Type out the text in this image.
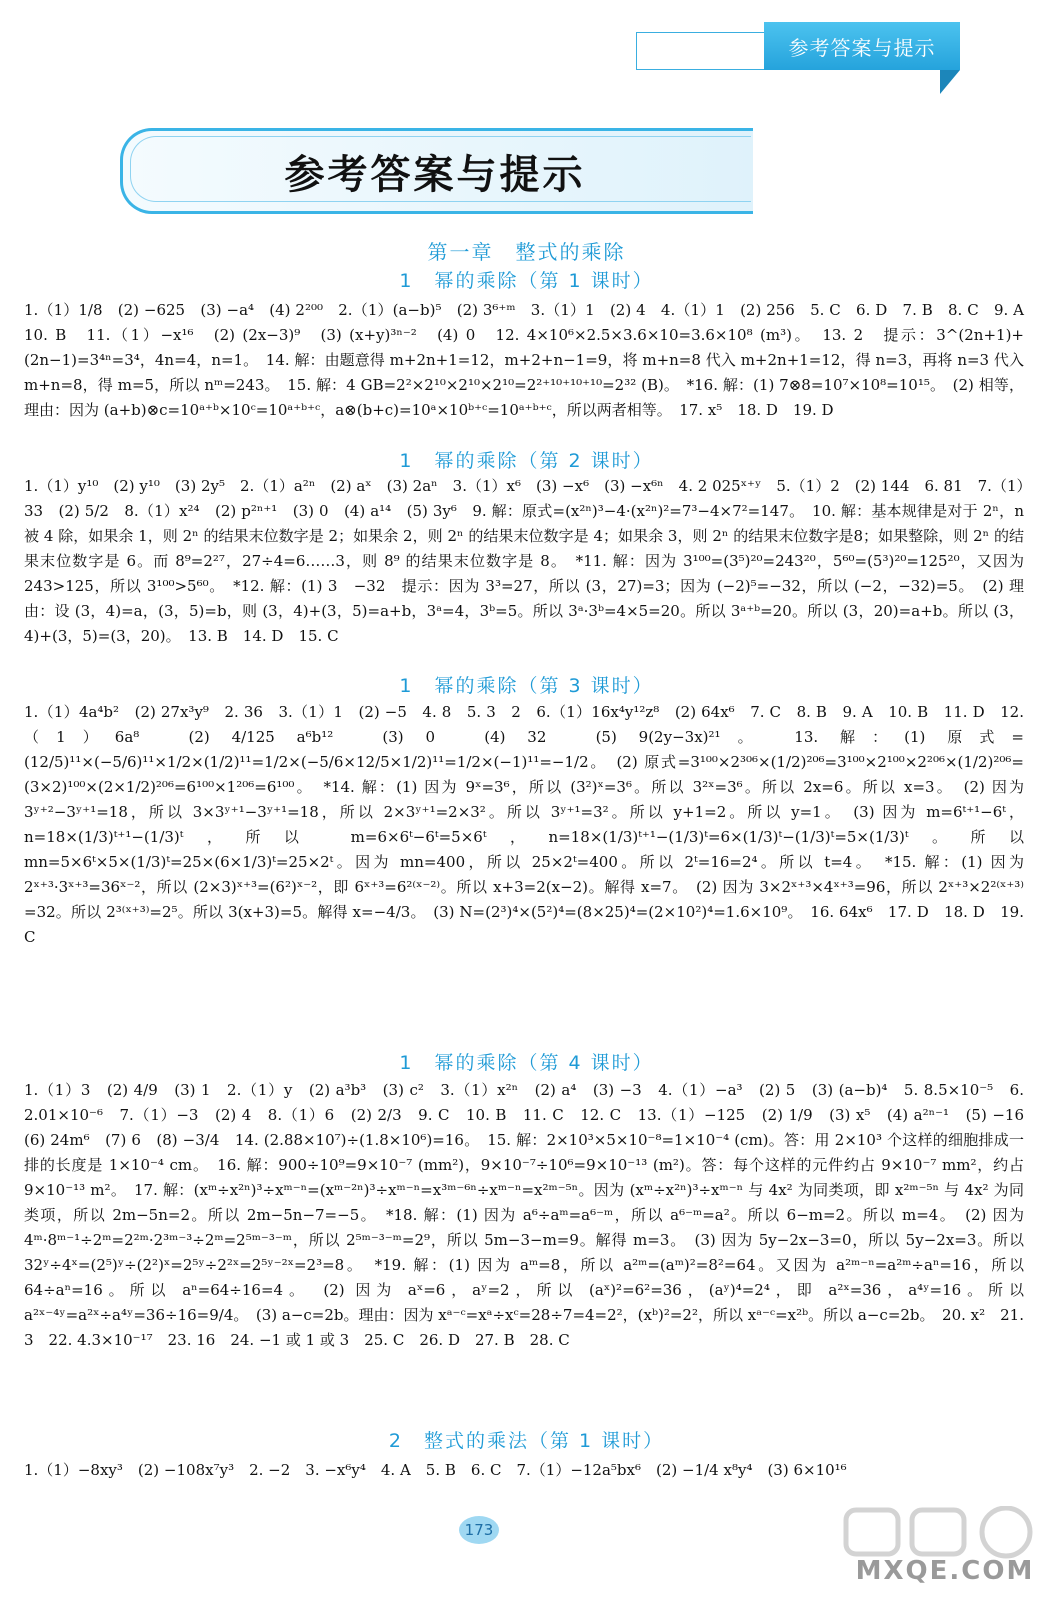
参考答案与提示
参考答案与提示
第一章　整式的乘除
1　幂的乘除（第 1 课时）
1.（1）1/8　(2) −625　(3) −a⁴　(4) 2²⁰⁰　2.（1）(a−b)⁵　(2) 3⁶⁺ᵐ　3.（1）1　(2) 4　4.（1）1　(2) 256　5. C　6. D　7. B　8. C　9. A　10. B　11.（1）−x¹⁶　(2) (2x−3)⁹　(3) (x+y)³ⁿ⁻²　(4) 0　12. 4×10⁶×2.5×3.6×10=3.6×10⁸ (m³)。　13. 2　提示：3^(2n+1)+(2n−1)=3⁴ⁿ=3⁴，4n=4，n=1。　14. 解：由题意得 m+2n+1=12，m+2+n−1=9，将 m+n=8 代入 m+2n+1=12，得 n=3，再将 n=3 代入 m+n=8，得 m=5，所以 nᵐ=243。　15. 解：4 GB=2²×2¹⁰×2¹⁰×2¹⁰=2²⁺¹⁰⁺¹⁰⁺¹⁰=2³² (B)。　*16. 解：(1) 7⊗8=10⁷×10⁸=10¹⁵。　(2) 相等，理由：因为 (a+b)⊗c=10ᵃ⁺ᵇ×10ᶜ=10ᵃ⁺ᵇ⁺ᶜ，a⊗(b+c)=10ᵃ×10ᵇ⁺ᶜ=10ᵃ⁺ᵇ⁺ᶜ，所以两者相等。　17. x⁵　18. D　19. D
1　幂的乘除（第 2 课时）
1.（1）y¹⁰　(2) y¹⁰　(3) 2y⁵　2.（1）a²ⁿ　(2) aˣ　(3) 2aⁿ　3.（1）x⁶　(3) −x⁶　(3) −x⁶ⁿ　4. 2 025ˣ⁺ʸ　5.（1）2　(2) 144　6. 81　7.（1）33　(2) 5/2　8.（1）x²⁴　(2) p²ⁿ⁺¹　(3) 0　(4) a¹⁴　(5) 3y⁶　9. 解：原式=(x²ⁿ)³−4·(x²ⁿ)²=7³−4×7²=147。　10. 解：基本规律是对于 2ⁿ，n 被 4 除，如果余 1，则 2ⁿ 的结果末位数字是 2；如果余 2，则 2ⁿ 的结果末位数字是 4；如果余 3，则 2ⁿ 的结果末位数字是8；如果整除，则 2ⁿ 的结果末位数字是 6。而 8⁹=2²⁷，27÷4=6……3，则 8⁹ 的结果末位数字是 8。　*11. 解：因为 3¹⁰⁰=(3⁵)²⁰=243²⁰，5⁶⁰=(5³)²⁰=125²⁰，又因为 243>125，所以 3¹⁰⁰>5⁶⁰。　*12. 解：(1) 3　−32　提示：因为 3³=27，所以 (3，27)=3；因为 (−2)⁵=−32，所以 (−2，−32)=5。　(2) 理由：设 (3，4)=a，(3，5)=b，则 (3，4)+(3，5)=a+b，3ᵃ=4，3ᵇ=5。所以 3ᵃ·3ᵇ=4×5=20。所以 3ᵃ⁺ᵇ=20。所以 (3，20)=a+b。所以 (3，4)+(3，5)=(3，20)。　13. B　14. D　15. C
1　幂的乘除（第 3 课时）
1.（1）4a⁴b²　(2) 27x³y⁹　2. 36　3.（1）1　(2) −5　4. 8　5. 3　2　6.（1）16x⁴y¹²z⁸　(2) 64x⁶　7. C　8. B　9. A　10. B　11. D　12.（1）6a⁸　(2) 4/125 a⁶b¹²　(3) 0　(4) 32　(5) 9(2y−3x)²¹。　13. 解：(1) 原式=(12/5)¹¹×(−5/6)¹¹×1/2×(1/2)¹¹=1/2×(−5/6×12/5×1/2)¹¹=1/2×(−1)¹¹=−1/2。　(2) 原式=3¹⁰⁰×2³⁰⁶×(1/2)²⁰⁶=3¹⁰⁰×2¹⁰⁰×2²⁰⁶×(1/2)²⁰⁶=(3×2)¹⁰⁰×(2×1/2)²⁰⁶=6¹⁰⁰×1²⁰⁶=6¹⁰⁰。　*14. 解：(1) 因为 9ˣ=3⁶，所以 (3²)ˣ=3⁶。所以 3²ˣ=3⁶。所以 2x=6。所以 x=3。　(2) 因为 3ʸ⁺²−3ʸ⁺¹=18，所以 3×3ʸ⁺¹−3ʸ⁺¹=18，所以 2×3ʸ⁺¹=2×3²。所以 3ʸ⁺¹=3²。所以 y+1=2。所以 y=1。　(3) 因为 m=6ᵗ⁺¹−6ᵗ，n=18×(1/3)ᵗ⁺¹−(1/3)ᵗ，所以 m=6×6ᵗ−6ᵗ=5×6ᵗ，n=18×(1/3)ᵗ⁺¹−(1/3)ᵗ=6×(1/3)ᵗ−(1/3)ᵗ=5×(1/3)ᵗ。所以 mn=5×6ᵗ×5×(1/3)ᵗ=25×(6×1/3)ᵗ=25×2ᵗ。因为 mn=400，所以 25×2ᵗ=400。所以 2ᵗ=16=2⁴。所以 t=4。　*15. 解：(1) 因为 2ˣ⁺³·3ˣ⁺³=36ˣ⁻²，所以 (2×3)ˣ⁺³=(6²)ˣ⁻²，即 6ˣ⁺³=6²⁽ˣ⁻²⁾。所以 x+3=2(x−2)。解得 x=7。　(2) 因为 3×2ˣ⁺³×4ˣ⁺³=96，所以 2ˣ⁺³×2²⁽ˣ⁺³⁾=32。所以 2³⁽ˣ⁺³⁾=2⁵。所以 3(x+3)=5。解得 x=−4/3。　(3) N=(2³)⁴×(5²)⁴=(8×25)⁴=(2×10²)⁴=1.6×10⁹。　16. 64x⁶　17. D　18. D　19. C
1　幂的乘除（第 4 课时）
1.（1）3　(2) 4/9　(3) 1　2.（1）y　(2) a³b³　(3) c²　3.（1）x²ⁿ　(2) a⁴　(3) −3　4.（1）−a³　(2) 5　(3) (a−b)⁴　5. 8.5×10⁻⁵　6. 2.01×10⁻⁶　7.（1）−3　(2) 4　8.（1）6　(2) 2/3　9. C　10. B　11. C　12. C　13.（1）−125　(2) 1/9　(3) x⁵　(4) a²ⁿ⁻¹　(5) −16　(6) 24m⁶　(7) 6　(8) −3/4　14. (2.88×10⁷)÷(1.8×10⁶)=16。　15. 解：2×10³×5×10⁻⁸=1×10⁻⁴ (cm)。答：用 2×10³ 个这样的细胞排成一排的长度是 1×10⁻⁴ cm。　16. 解：900÷10⁹=9×10⁻⁷ (mm²)，9×10⁻⁷÷10⁶=9×10⁻¹³ (m²)。答：每个这样的元件约占 9×10⁻⁷ mm²，约占 9×10⁻¹³ m²。　17. 解：(xᵐ÷x²ⁿ)³÷xᵐ⁻ⁿ=(xᵐ⁻²ⁿ)³÷xᵐ⁻ⁿ=x³ᵐ⁻⁶ⁿ÷xᵐ⁻ⁿ=x²ᵐ⁻⁵ⁿ。因为 (xᵐ÷x²ⁿ)³÷xᵐ⁻ⁿ 与 4x² 为同类项，即 x²ᵐ⁻⁵ⁿ 与 4x² 为同类项，所以 2m−5n=2。所以 2m−5n−7=−5。　*18. 解：(1) 因为 a⁶÷aᵐ=a⁶⁻ᵐ，所以 a⁶⁻ᵐ=a²。所以 6−m=2。所以 m=4。　(2) 因为 4ᵐ·8ᵐ⁻¹÷2ᵐ=2²ᵐ·2³ᵐ⁻³÷2ᵐ=2⁵ᵐ⁻³⁻ᵐ，所以 2⁵ᵐ⁻³⁻ᵐ=2⁹，所以 5m−3−m=9。解得 m=3。　(3) 因为 5y−2x−3=0，所以 5y−2x=3。所以 32ʸ÷4ˣ=(2⁵)ʸ÷(2²)ˣ=2⁵ʸ÷2²ˣ=2⁵ʸ⁻²ˣ=2³=8。　*19. 解：(1) 因为 aᵐ=8，所以 a²ᵐ=(aᵐ)²=8²=64。又因为 a²ᵐ⁻ⁿ=a²ᵐ÷aⁿ=16，所以 64÷aⁿ=16。所以 aⁿ=64÷16=4。　(2) 因为 aˣ=6，aʸ=2，所以 (aˣ)²=6²=36，(aʸ)⁴=2⁴，即 a²ˣ=36，a⁴ʸ=16。所以 a²ˣ⁻⁴ʸ=a²ˣ÷a⁴ʸ=36÷16=9/4。　(3) a−c=2b。理由：因为 xᵃ⁻ᶜ=xᵃ÷xᶜ=28÷7=4=2²，(xᵇ)²=2²，所以 xᵃ⁻ᶜ=x²ᵇ。所以 a−c=2b。　20. x²　21. 3　22. 4.3×10⁻¹⁷　23. 16　24. −1 或 1 或 3　25. C　26. D　27. B　28. C
2　整式的乘法（第 1 课时）
1.（1）−8xy³　(2) −108x⁷y³　2. −2　3. −x⁶y⁴　4. A　5. B　6. C　7.（1）−12a⁵bx⁶　(2) −1/4 x⁸y⁴　(3) 6×10¹⁶
173
MXQE.COM
